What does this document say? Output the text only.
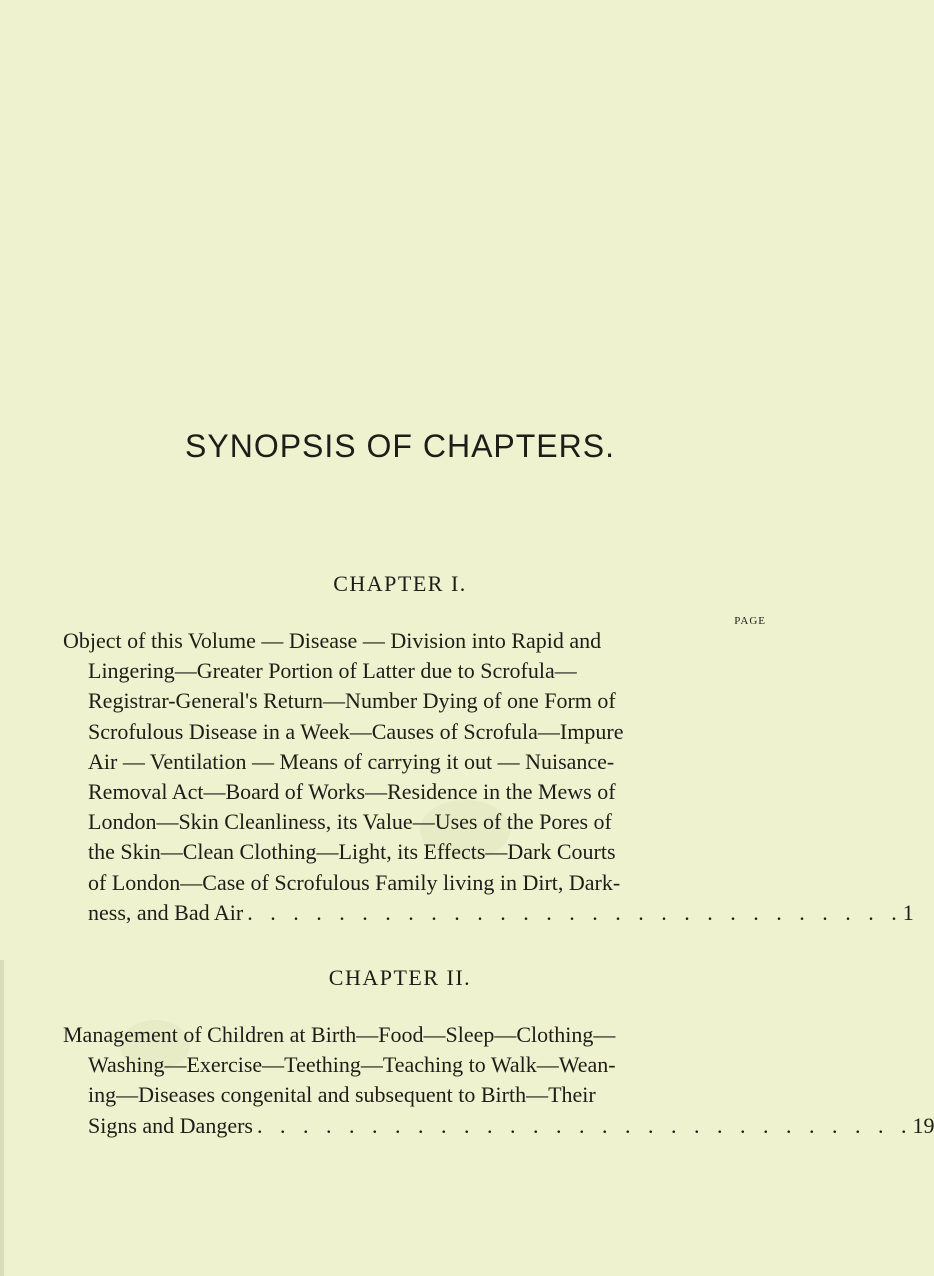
SYNOPSIS OF CHAPTERS.
CHAPTER I.
PAGE
Object of this Volume — Disease — Division into Rapid and
Lingering—Greater Portion of Latter due to Scrofula—
Registrar-General's Return—Number Dying of one Form of
Scrofulous Disease in a Week—Causes of Scrofula—Impure
Air — Ventilation — Means of carrying it out — Nuisance-
Removal Act—Board of Works—Residence in the Mews of
London—Skin Cleanliness, its Value—Uses of the Pores of
the Skin—Clean Clothing—Light, its Effects—Dark Courts
of London—Case of Scrofulous Family living in Dirt, Dark-
ness, and Bad Air . . . . . . . . . . . . . . . . . . . . . . . . . . . . . 1
CHAPTER II.
Management of Children at Birth—Food—Sleep—Clothing—
Washing—Exercise—Teething—Teaching to Walk—Wean-
ing—Diseases congenital and subsequent to Birth—Their
Signs and Dangers . . . . . . . . . . . . . . . . . . . . . . . . . . . . . 19
